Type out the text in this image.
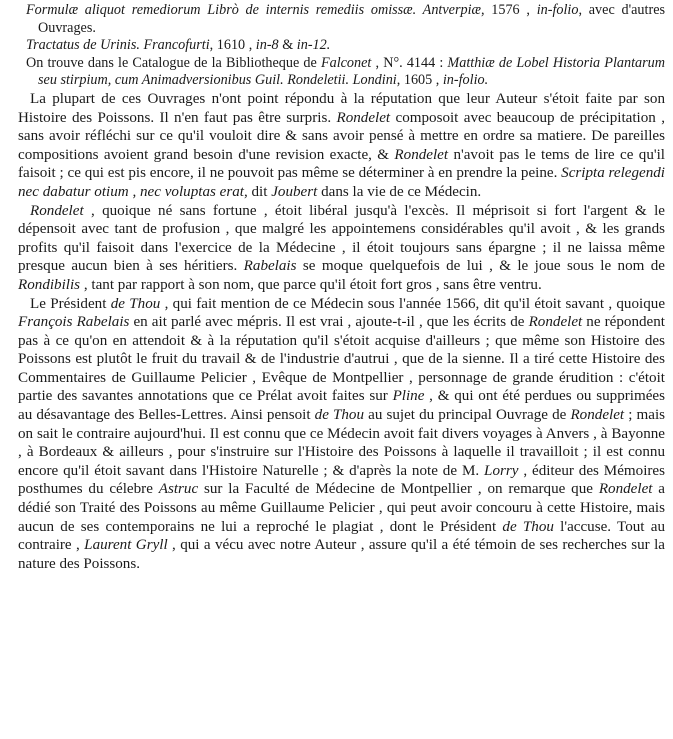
Formulæ aliquot remediorum Librò de internis remediis omissæ. Antverpiæ, 1576 , in-folio, avec d'autres Ouvrages.

Tractatus de Urinis. Francofurti, 1610 , in-8 & in-12.

On trouve dans le Catalogue de la Bibliotheque de Falconet , N°. 4144 : Matthiæ de Lobel Historia Plantarum seu stirpium, cum Animadversionibus Guil. Rondeletii. Londini, 1605 , in-folio.

La plupart de ces Ouvrages n'ont point répondu à la réputation que leur Auteur s'étoit faite par son Histoire des Poissons. Il n'en faut pas être surpris. Rondelet composoit avec beaucoup de précipitation , sans avoir réfléchi sur ce qu'il vouloit dire & sans avoir pensé à mettre en ordre sa matiere. De pareilles compositions avoient grand besoin d'une revision exacte, & Rondelet n'avoit pas le tems de lire ce qu'il faisoit ; ce qui est pis encore, il ne pouvoit pas même se déterminer à en prendre la peine. Scripta relegendi nec dabatur otium , nec voluptas erat, dit Joubert dans la vie de ce Médecin.

Rondelet , quoique né sans fortune , étoit libéral jusqu'à l'excès. Il méprisoit si fort l'argent & le dépensoit avec tant de profusion , que malgré les appointemens considérables qu'il avoit , & les grands profits qu'il faisoit dans l'exercice de la Médecine , il étoit toujours sans épargne ; il ne laissa même presque aucun bien à ses héritiers. Rabelais se moque quelquefois de lui , & le joue sous le nom de Rondibilis , tant par rapport à son nom, que parce qu'il étoit fort gros , sans être ventru.

Le Président de Thou , qui fait mention de ce Médecin sous l'année 1566, dit qu'il étoit savant , quoique François Rabelais en ait parlé avec mépris. Il est vrai , ajoute-t-il , que les écrits de Rondelet ne répondent pas à ce qu'on en attendoit & à la réputation qu'il s'étoit acquise d'ailleurs ; que même son Histoire des Poissons est plutôt le fruit du travail & de l'industrie d'autrui , que de la sienne. Il a tiré cette Histoire des Commentaires de Guillaume Pelicier , Evêque de Montpellier , personnage de grande érudition : c'étoit partie des savantes annotations que ce Prélat avoit faites sur Pline , & qui ont été perdues ou supprimées au désavantage des Belles-Lettres. Ainsi pensoit de Thou au sujet du principal Ouvrage de Rondelet ; mais on sait le contraire aujourd'hui. Il est connu que ce Médecin avoit fait divers voyages à Anvers , à Bayonne , à Bordeaux & ailleurs , pour s'instruire sur l'Histoire des Poissons à laquelle il travailloit ; il est connu encore qu'il étoit savant dans l'Histoire Naturelle ; & d'après la note de M. Lorry , éditeur des Mémoires posthumes du célebre Astruc sur la Faculté de Médecine de Montpellier , on remarque que Rondelet a dédié son Traité des Poissons au même Guillaume Pelicier , qui peut avoir concouru à cette Histoire, mais aucun de ses contemporains ne lui a reproché le plagiat , dont le Président de Thou l'accuse. Tout au contraire , Laurent Gryll , qui a vécu avec notre Auteur , assure qu'il a été témoin de ses recherches sur la nature des Poissons.
